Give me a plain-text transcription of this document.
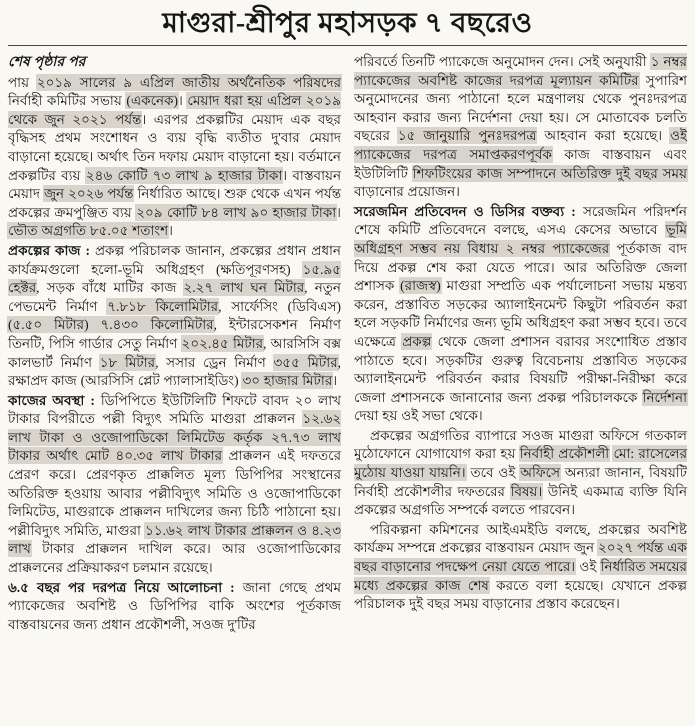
মাগুরা-শ্রীপুর মহাসড়ক ৭ বছরেও

শেষ পৃষ্ঠার পর

পায় ২০১৯ সালের ৯ এপ্রিল জাতীয় অর্থনৈতিক পরিষদের নির্বাহী কমিটির সভায় (একনেক)। মেয়াদ ধরা হয় এপ্রিল ২০১৯ থেকে জুন ২০২১ পর্যন্ত। এরপর প্রকল্পটির মেয়াদ এক বছর বৃদ্ধিসহ প্রথম সংশোধন ও ব্যয় বৃদ্ধি ব্যতীত দু'বার মেয়াদ বাড়ানো হয়েছে। অর্থাৎ তিন দফায় মেয়াদ বাড়ানো হয়। বর্তমানে প্রকল্পটির ব্যয় ২৪৬ কোটি ৭৩ লাখ ৯ হাজার টাকা। বাস্তবায়ন মেয়াদ জুন ২০২৬ পর্যন্ত নির্ধারিত আছে। শুরু থেকে এখন পর্যন্ত প্রকল্পের ক্রমপুঞ্জিত ব্যয় ২০৯ কোটি ৮৪ লাখ ৯০ হাজার টাকা। ভৌত অগ্রগতি ৮৫.০৫ শতাংশ।

প্রকল্পের কাজ : প্রকল্প পরিচালক জানান, প্রকল্পের প্রধান প্রধান কার্যক্রমগুলো হলো-ভূমি অধিগ্রহণ (ক্ষতিপূরণসহ) ১৫.৯৫ হেক্টর, সড়ক বাঁধে মাটির কাজ ২.২৭ লাখ ঘন মিটার, নতুন পেভমেন্ট নির্মাণ ৭.৮১৮ কিলোমিটার, সার্ফেসিং (ডিবিএস) (৫.৫০ মিটার) ৭.৪৩০ কিলোমিটার, ইন্টারসেকশন নির্মাণ তিনটি, পিসি গার্ডার সেতু নির্মাণ ২০২.৪৫ মিটার, আরসিসি বক্স কালভার্ট নির্মাণ ১৮ মিটার, সসার ড্রেন নির্মাণ ৩৫৫ মিটার, রক্ষাপ্রদ কাজ (আরসিসি প্লেট প্যালাসাইডিং) ৩০ হাজার মিটার।

কাজের অবস্থা : ডিপিপিতে ইউটিলিটি শিফটে বাবদ ২০ লাখ টাকার বিপরীতে পল্লী বিদ্যুৎ সমিতি মাগুরা প্রাক্কলন ১২.৬২ লাখ টাকা ও ওজোপাডিকো লিমিটেড কর্তৃক ২৭.৭৩ লাখ টাকার অর্থাৎ মোট ৪০.৩৫ লাখ টাকার প্রাক্কলন এই দফতরে প্রেরণ করে। প্রেরণকৃত প্রাক্কলিত মূল্য ডিপিপির সংস্থানের অতিরিক্ত হওয়ায় আবার পল্লীবিদ্যুৎ সমিতি ও ওজোপাডিকো লিমিটেড, মাগুরাকে প্রাক্কলন দাখিলের জন্য চিঠি পাঠানো হয়। পল্লীবিদ্যুৎ সমিতি, মাগুরা ১১.৬২ লাখ টাকার প্রাক্কলন ও ৪.২৩ লাখ টাকার প্রাক্কলন দাখিল করে। আর ওজোপাডিকোর প্রাক্কলনের প্রক্রিয়াকরণ চলমান রয়েছে।

৬.৫ বছর পর দরপত্র নিয়ে আলোচনা : জানা গেছে প্রথম প্যাকেজের অবশিষ্ট ও ডিপিপির বাকি অংশের পূর্তকাজ বাস্তবায়নের জন্য প্রধান প্রকৌশলী, সওজ দু'টির

পরিবর্তে তিনটি প্যাকেজে অনুমোদন দেন। সেই অনুযায়ী ১ নম্বর প্যাকেজের অবশিষ্ট কাজের দরপত্র মূল্যায়ন কমিটির সুপারিশ অনুমোদনের জন্য পাঠানো হলে মন্ত্রণালয় থেকে পুনঃদরপত্র আহবান করার জন্য নির্দেশনা দেয়া হয়। সে মোতাবেক চলতি বছরের ১৫ জানুয়ারি পুনঃদরপত্র আহবান করা হয়েছে। ওই প্যাকেজের দরপত্র সমাপ্তকরণপূর্বক কাজ বাস্তবায়ন এবং ইউটিলিটি শিফটিংয়ের কাজ সম্পাদনে অতিরিক্ত দুই বছর সময় বাড়ানোর প্রয়োজন।

সরেজমিন প্রতিবেদন ও ডিসির বক্তব্য : সরেজমিন পরিদর্শন শেষে কমিটি প্রতিবেদনে বলছে, এসএ কেসের অভাবে ভূমি অধিগ্রহণ সম্ভব নয় বিধায় ২ নম্বর প্যাকেজের পূর্তকাজ বাদ দিয়ে প্রকল্প শেষ করা যেতে পারে। আর অতিরিক্ত জেলা প্রশাসক (রাজস্ব) মাগুরা সম্প্রতি এক পর্যালোচনা সভায় মন্তব্য করেন, প্রস্তাবিত সড়কের অ্যালাইনমেন্ট কিছুটা পরিবর্তন করা হলে সড়কটি নির্মাণের জন্য ভূমি অধিগ্রহণ করা সম্ভব হবে। তবে এক্ষেত্রে প্রকল্প থেকে জেলা প্রশাসন বরাবর সংশোধিত প্রস্তাব পাঠাতে হবে। সড়কটির গুরুত্ব বিবেচনায় প্রস্তাবিত সড়কের অ্যালাইনমেন্ট পরিবর্তন করার বিষয়টি পরীক্ষা-নিরীক্ষা করে জেলা প্রশাসনকে জানানোর জন্য প্রকল্প পরিচালককে নির্দেশনা দেয়া হয় ওই সভা থেকে।

প্রকল্পের অগ্রগতির ব্যাপারে সওজ মাগুরা অফিসে গতকাল মুঠোফোনে যোগাযোগ করা হয় নির্বাহী প্রকৌশলী মো: রাসেলের মুঠোয় যাওয়া যায়নি। তবে ওই অফিসে অন্যরা জানান, বিষয়টি নির্বাহী প্রকৌশলীর দফতরের বিষয়। উনিই একমাত্র ব্যক্তি যিনি প্রকল্পের অগ্রগতি সম্পর্কে বলতে পারবেন।

পরিকল্পনা কমিশনের আইএমইডি বলছে, প্রকল্পের অবশিষ্ট কার্যক্রম সম্পন্নে প্রকল্পের বাস্তবায়ন মেয়াদ জুন ২০২৭ পর্যন্ত এক বছর বাড়ানোর পদক্ষেপ নেয়া যেতে পারে। ওই নির্ধারিত সময়ের মধ্যে প্রকল্পের কাজ শেষ করতে বলা হয়েছে। যেখানে প্রকল্প পরিচালক দুই বছর সময় বাড়ানোর প্রস্তাব করেছেন।
